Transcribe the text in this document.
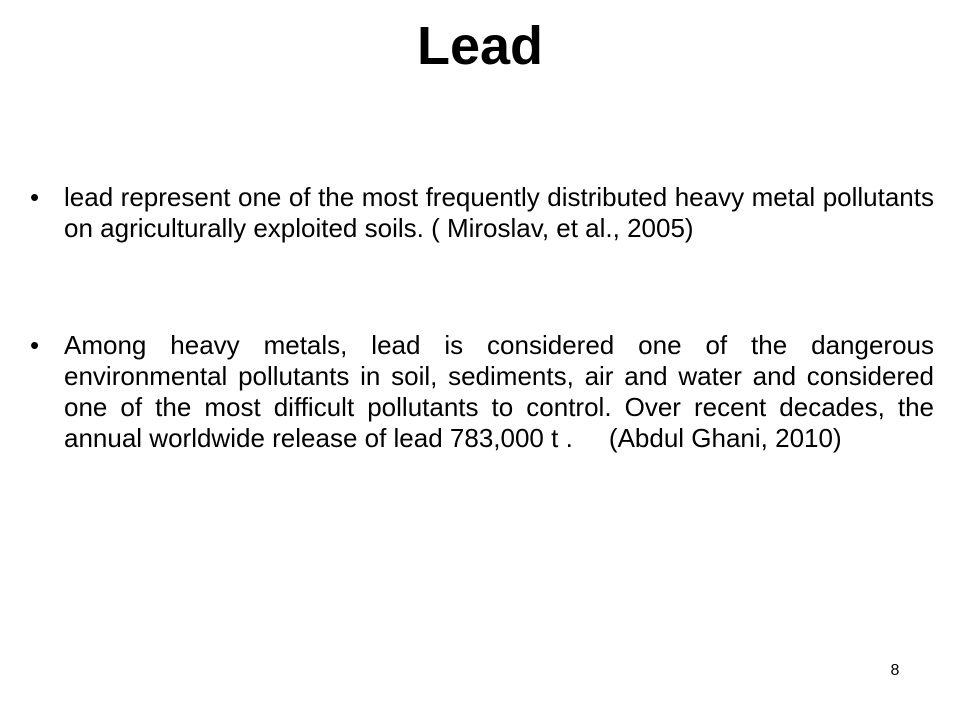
Lead
• lead represent one of the most frequently distributed heavy metal pollutants on agriculturally exploited soils. ( Miroslav, et al., 2005)
• Among heavy metals, lead is considered one of the dangerous environmental pollutants in soil, sediments, air and water and considered one of the most difficult pollutants to control. Over recent decades, the annual worldwide release of lead 783,000 t .     (Abdul Ghani, 2010)
8
